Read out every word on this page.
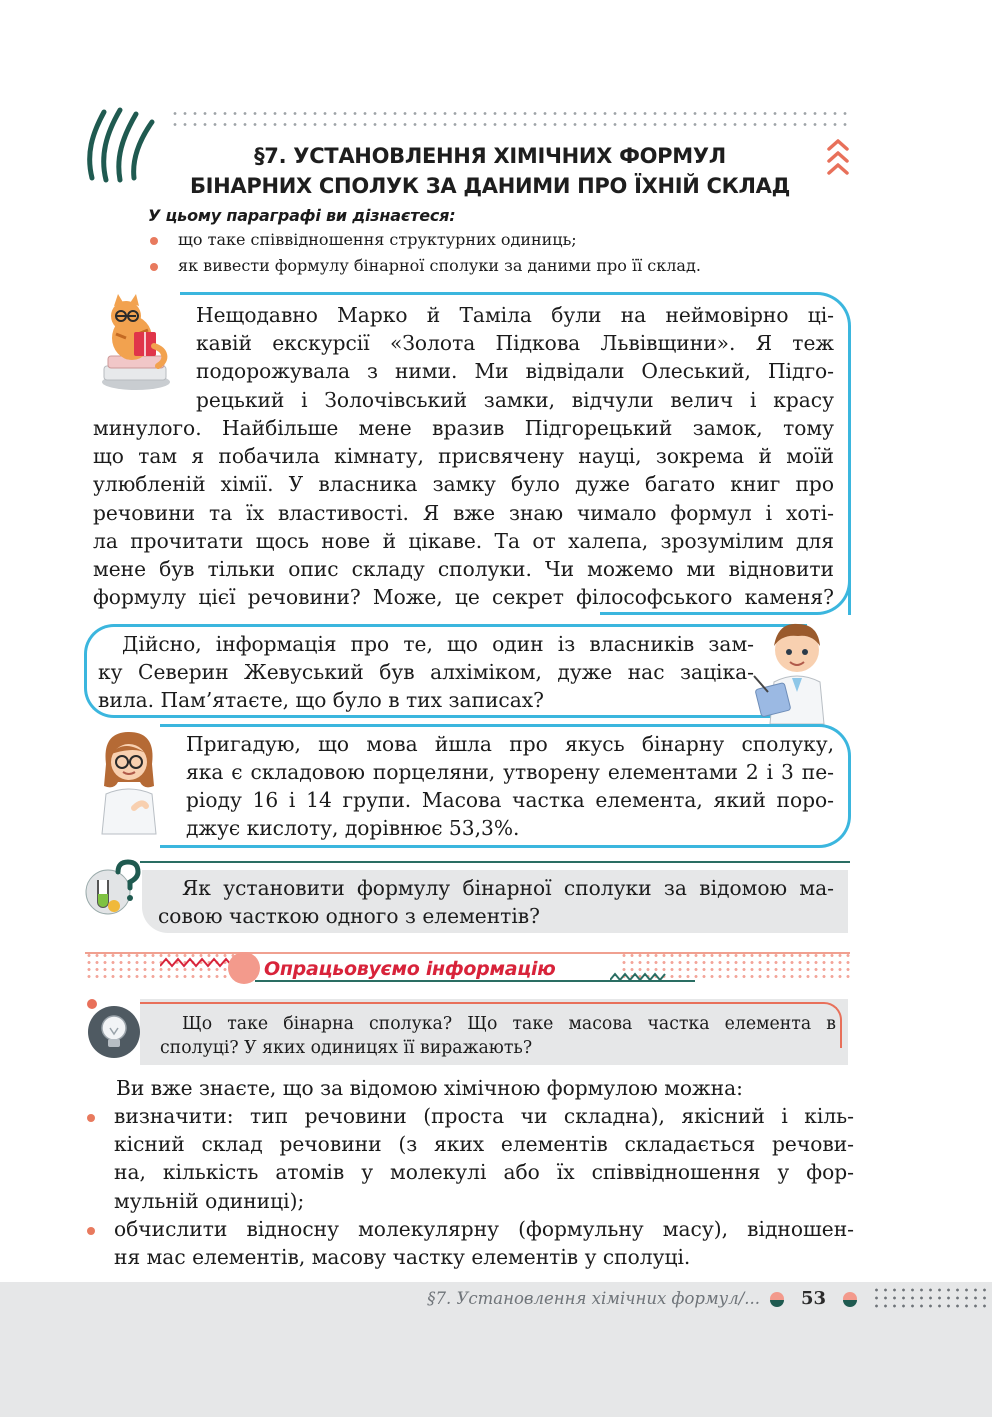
§7. УСТАНОВЛЕННЯ ХІМІЧНИХ ФОРМУЛ
БІНАРНИХ СПОЛУК ЗА ДАНИМИ ПРО ЇХНІЙ СКЛАД
У цьому параграфі ви дізнаєтеся:
що таке співвідношення структурних одиниць;
як вивести формулу бінарної сполуки за даними про її склад.
Нещодавно Марко й Таміла були на неймовірно ці-
кавій екскурсії «Золота Підкова Львівщини». Я теж
подорожувала з ними. Ми відвідали Олеський, Підго-
рецький і Золочівський замки, відчули велич і красу
минулого. Найбільше мене вразив Підгорецький замок, тому
що там я побачила кімнату, присвячену науці, зокрема й моїй
улюбленій хімії. У власника замку було дуже багато книг про
речовини та їх властивості. Я вже знаю чимало формул і хоті-
ла прочитати щось нове й цікаве. Та от халепа, зрозумілим для
мене був тільки опис складу сполуки. Чи можемо ми відновити
формулу цієї речовини? Може, це секрет філософського каменя?
Дійсно, інформація про те, що один із власників зам-
ку Северин Жевуський був алхіміком, дуже нас заціка-
вила. Пам’ятаєте, що було в тих записах?
Пригадую, що мова йшла про якусь бінарну сполуку,
яка є складовою порцеляни, утворену елементами 2 і 3 пе-
ріоду 16 і 14 групи. Масова частка елемента, який поро-
джує кислоту, дорівнює 53,3%.
Як установити формулу бінарної сполуки за відомою ма-
совою часткою одного з елементів?
Опрацьовуємо інформацію
Що таке бінарна сполука? Що таке масова частка елемента в
сполуці? У яких одиницях її виражають?
Ви вже знаєте, що за відомою хімічною формулою можна:
визначити: тип речовини (проста чи складна), якісний і кіль-
кісний склад речовини (з яких елементів складається речови-
на, кількість атомів у молекулі або їх співвідношення у фор-
мульній одиниці);
обчислити відносну молекулярну (формульну масу), відношен-
ня мас елементів, масову частку елементів у сполуці.
§7. Установлення хімічних формул/... 53
